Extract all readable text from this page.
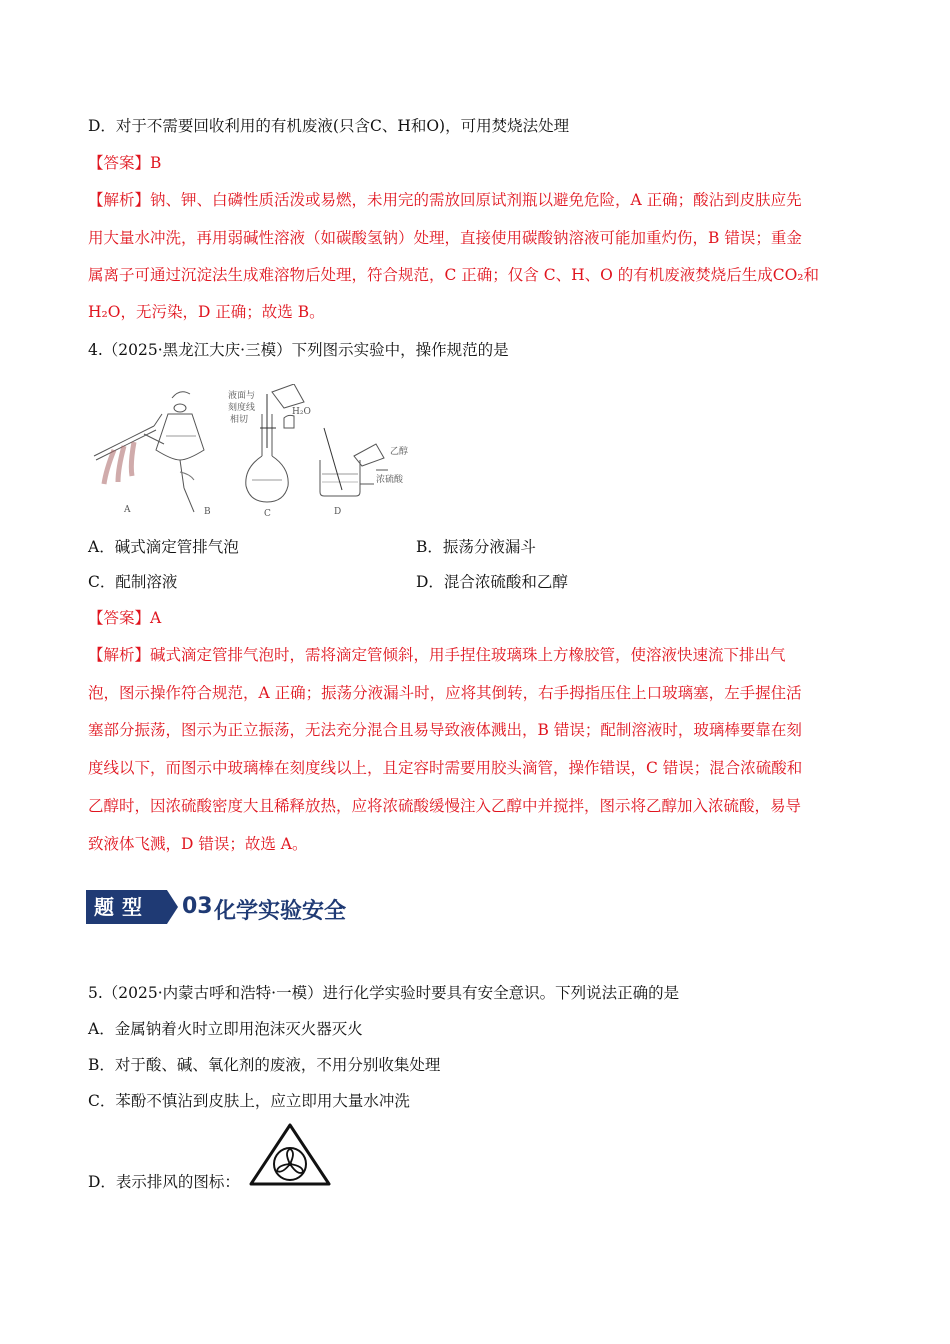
D．对于不需要回收利用的有机废液(只含C、H和O)，可用焚烧法处理
【答案】B
【解析】钠、钾、白磷性质活泼或易燃，未用完的需放回原试剂瓶以避免危险，A 正确；酸沾到皮肤应先
用大量水冲洗，再用弱碱性溶液（如碳酸氢钠）处理，直接使用碳酸钠溶液可能加重灼伤，B 错误；重金
属离子可通过沉淀法生成难溶物后处理，符合规范，C 正确；仅含 C、H、O 的有机废液焚烧后生成CO₂和
H₂O，无污染，D 正确；故选 B。
4.（2025·黑龙江大庆·三模）下列图示实验中，操作规范的是
A	B	C	D
液面与
刻度线
相切
H₂O
乙醇
浓硫酸
A．碱式滴定管排气泡	B．振荡分液漏斗
C．配制溶液	D．混合浓硫酸和乙醇
【答案】A
【解析】碱式滴定管排气泡时，需将滴定管倾斜，用手捏住玻璃珠上方橡胶管，使溶液快速流下排出气
泡，图示操作符合规范，A 正确；振荡分液漏斗时，应将其倒转，右手拇指压住上口玻璃塞，左手握住活
塞部分振荡，图示为正立振荡，无法充分混合且易导致液体溅出，B 错误；配制溶液时，玻璃棒要靠在刻
度线以下，而图示中玻璃棒在刻度线以上，且定容时需要用胶头滴管，操作错误，C 错误；混合浓硫酸和
乙醇时，因浓硫酸密度大且稀释放热，应将浓硫酸缓慢注入乙醇中并搅拌，图示将乙醇加入浓硫酸，易导
致液体飞溅，D 错误；故选 A。
题型 03 化学实验安全
5.（2025·内蒙古呼和浩特·一模）进行化学实验时要具有安全意识。下列说法正确的是
A．金属钠着火时立即用泡沫灭火器灭火
B．对于酸、碱、氧化剂的废液，不用分别收集处理
C．苯酚不慎沾到皮肤上，应立即用大量水冲洗
D．表示排风的图标：
